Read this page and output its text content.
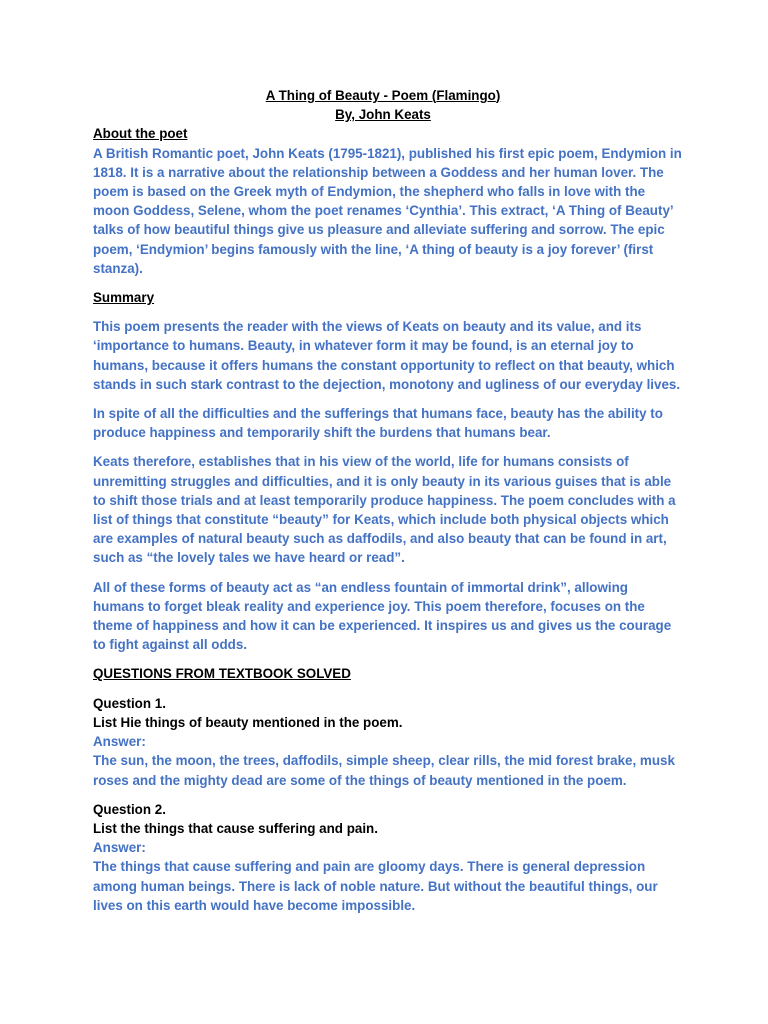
A Thing of Beauty - Poem (Flamingo)

By, John Keats

About the poet

A British Romantic poet, John Keats (1795-1821), published his first epic poem, Endymion in 1818. It is a narrative about the relationship between a Goddess and her human lover. The poem is based on the Greek myth of Endymion, the shepherd who falls in love with the moon Goddess, Selene, whom the poet renames ‘Cynthia’. This extract, ‘A Thing of Beauty’ talks of how beautiful things give us pleasure and alleviate suffering and sorrow. The epic poem, ‘Endymion’ begins famously with the line, ‘A thing of beauty is a joy forever’ (first stanza).

Summary

This poem presents the reader with the views of Keats on beauty and its value, and its ‘importance to humans. Beauty, in whatever form it may be found, is an eternal joy to humans, because it offers humans the constant opportunity to reflect on that beauty, which stands in such stark contrast to the dejection, monotony and ugliness of our everyday lives.

In spite of all the difficulties and the sufferings that humans face, beauty has the ability to produce happiness and temporarily shift the burdens that humans bear.

Keats therefore, establishes that in his view of the world, life for humans consists of unremitting struggles and difficulties, and it is only beauty in its various guises that is able to shift those trials and at least temporarily produce happiness. The poem concludes with a list of things that constitute “beauty” for Keats, which include both physical objects which are examples of natural beauty such as daffodils, and also beauty that can be found in art, such as “the lovely tales we have heard or read”.

All of these forms of beauty act as “an endless fountain of immortal drink”, allowing humans to forget bleak reality and experience joy. This poem therefore, focuses on the theme of happiness and how it can be experienced. It inspires us and gives us the courage to fight against all odds.

QUESTIONS FROM TEXTBOOK SOLVED

Question 1.

List Hie things of beauty mentioned in the poem.

Answer:

The sun, the moon, the trees, daffodils, simple sheep, clear rills, the mid forest brake, musk roses and the mighty dead are some of the things of beauty mentioned in the poem.

Question 2.

List the things that cause suffering and pain.

Answer:

The things that cause suffering and pain are gloomy days. There is general depression among human beings. There is lack of noble nature. But without the beautiful things, our lives on this earth would have become impossible.
